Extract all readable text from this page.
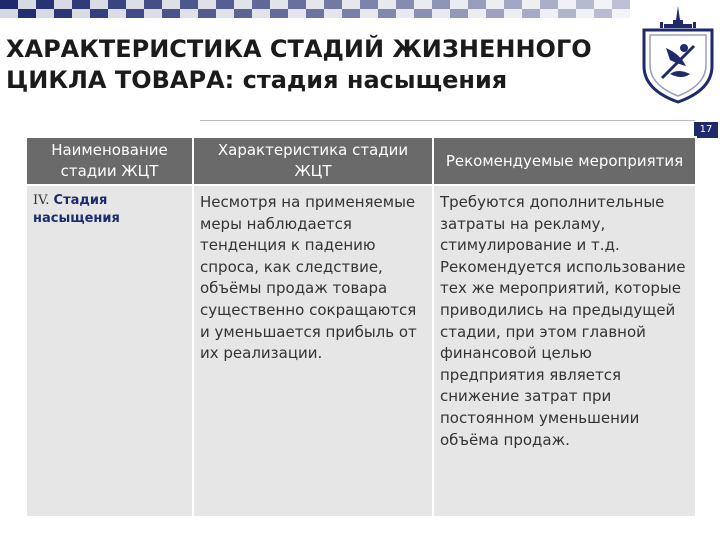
ХАРАКТЕРИСТИКА СТАДИЙ ЖИЗНЕННОГО
ЦИКЛА ТОВАРА: стадия насыщения
17
Наименование стадии ЖЦТ	Характеристика стадии ЖЦТ	Рекомендуемые мероприятия
IV. Стадия насыщения	Несмотря на применяемые меры наблюдается тенденция к падению спроса, как следствие, объёмы продаж товара существенно сокращаются и уменьшается прибыль от их реализации.	Требуются дополнительные затраты на рекламу, стимулирование и т.д. Рекомендуется использование тех же мероприятий, которые приводились на предыдущей стадии, при этом главной финансовой целью предприятия является снижение затрат при постоянном уменьшении объёма продаж.
